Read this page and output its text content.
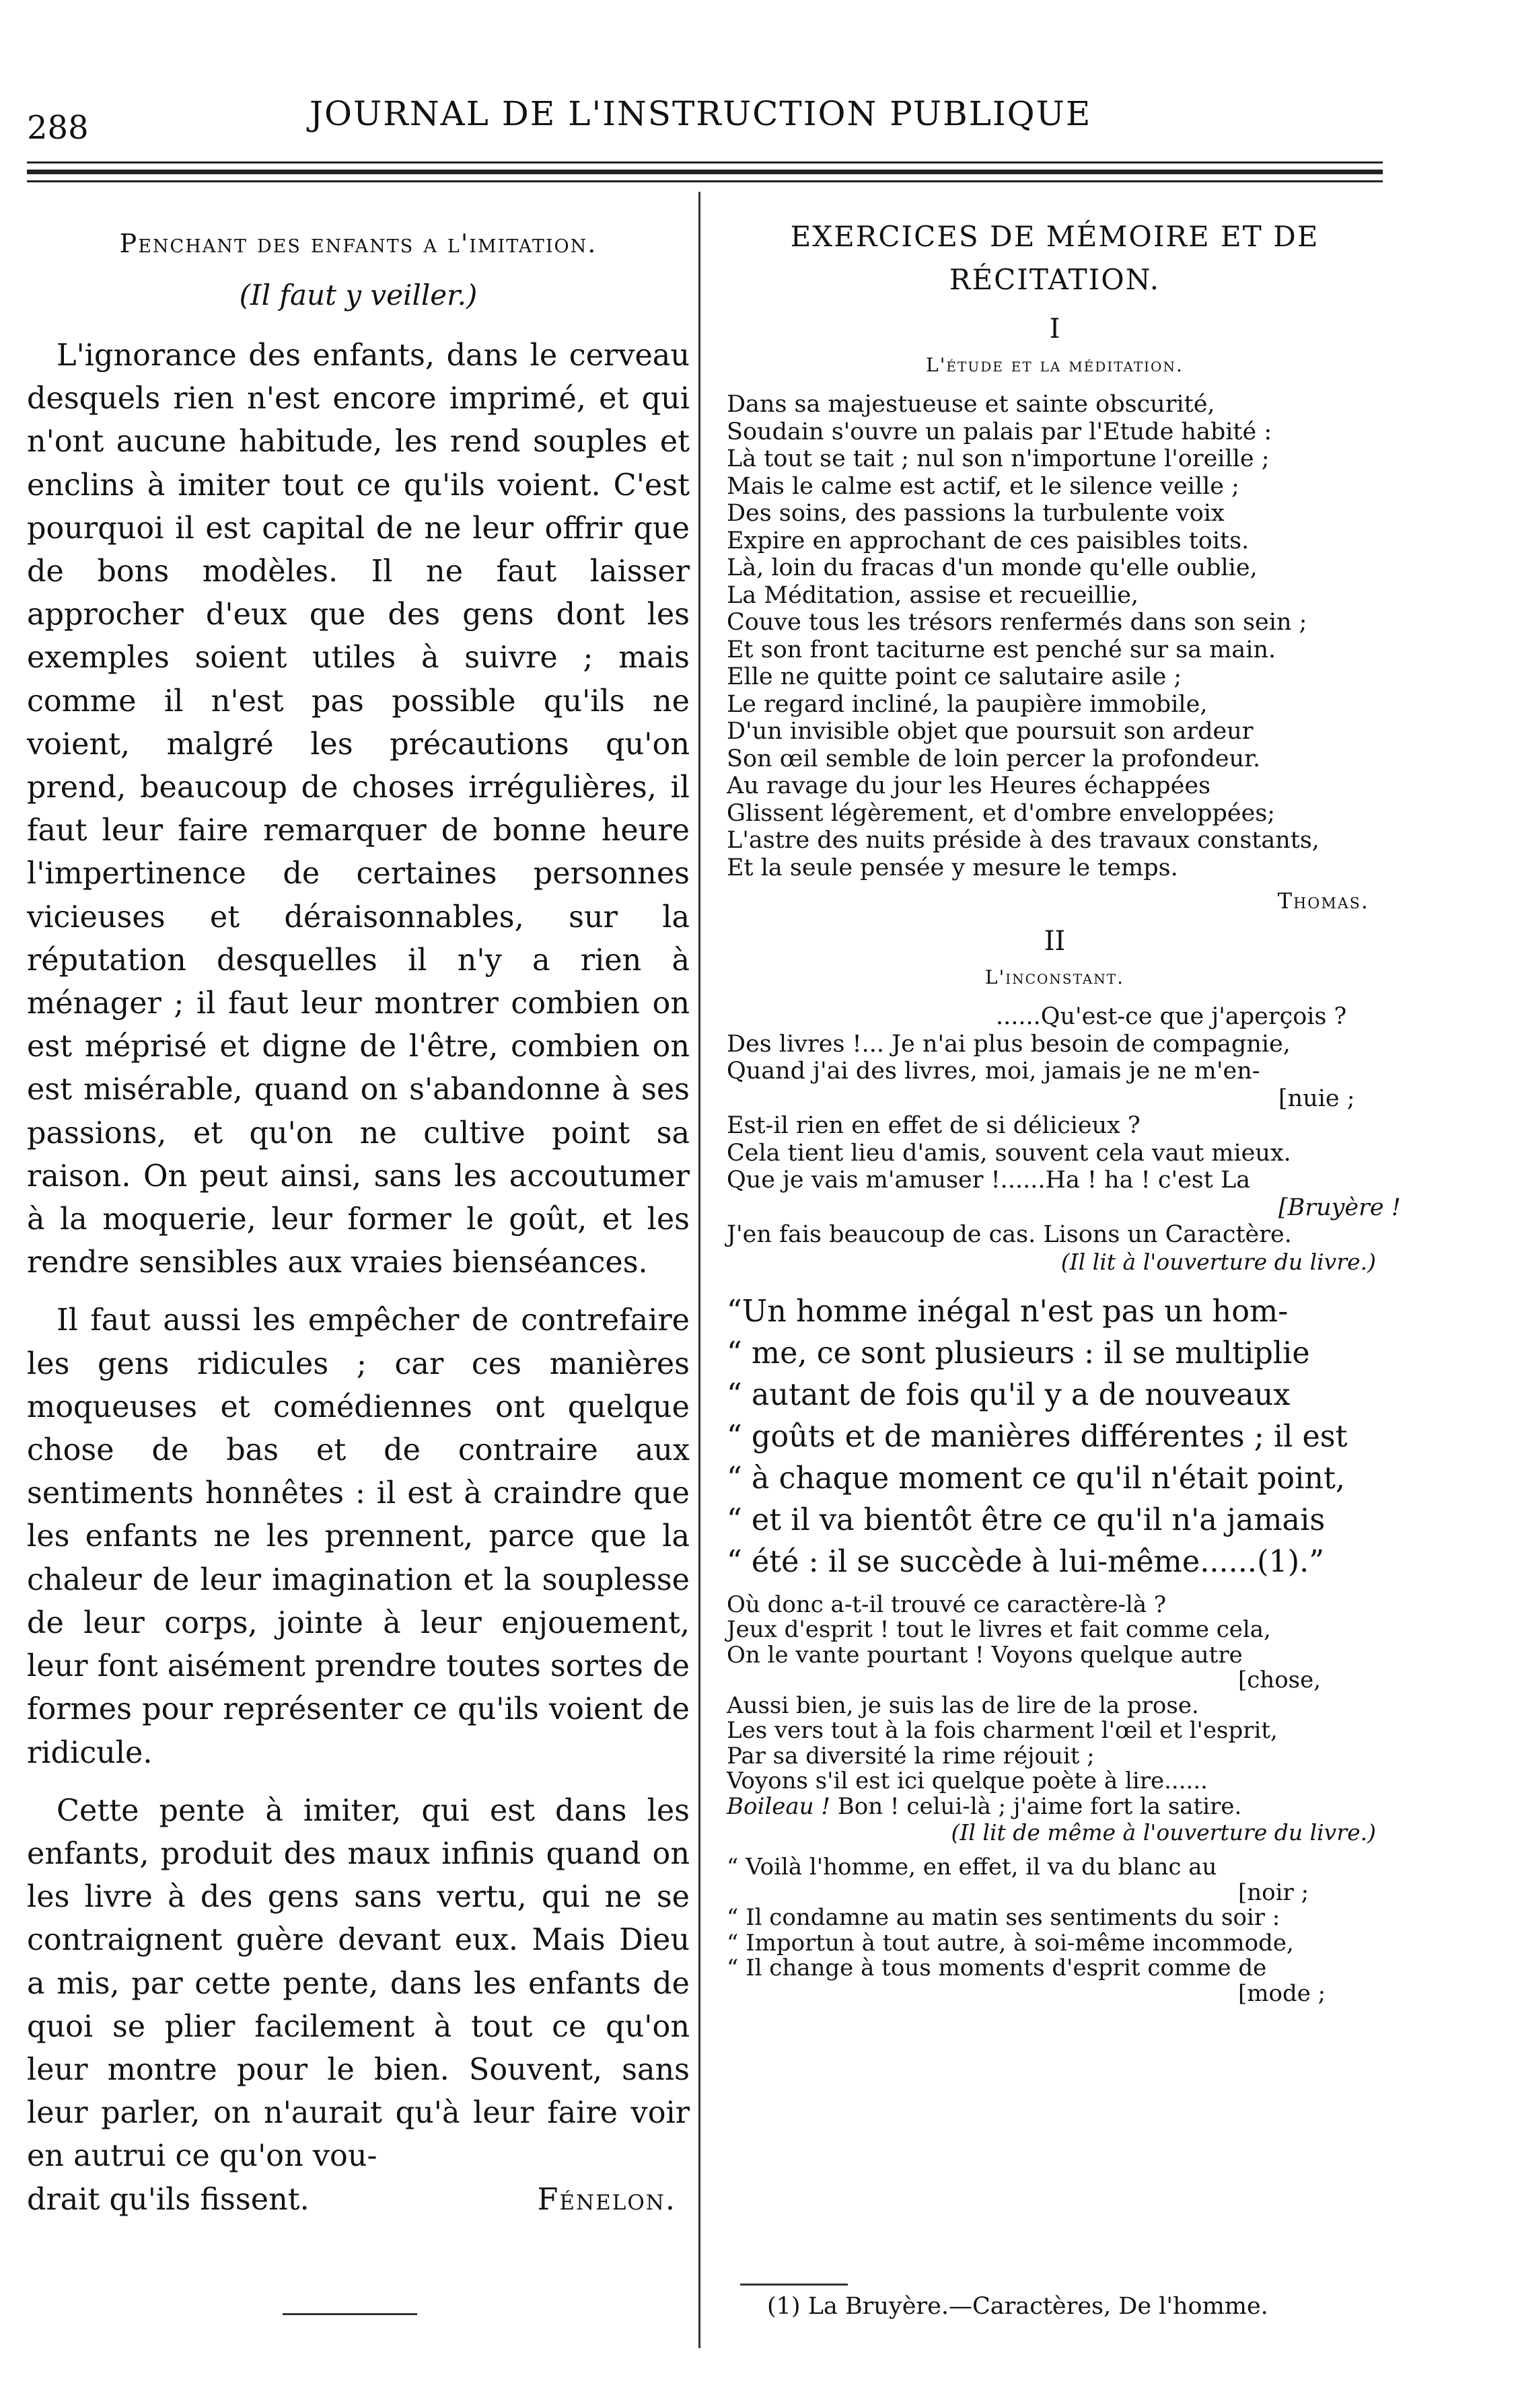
288	JOURNAL DE L'INSTRUCTION PUBLIQUE
Penchant des enfants a l'imitation.
(Il faut y veiller.)

L'ignorance des enfants, dans le cerveau desquels rien n'est encore imprimé, et qui n'ont aucune habitude, les rend souples et enclins à imiter tout ce qu'ils voient. C'est pourquoi il est capital de ne leur offrir que de bons modèles. Il ne faut laisser approcher d'eux que des gens dont les exemples soient utiles à suivre ; mais comme il n'est pas possible qu'ils ne voient, malgré les précautions qu'on prend, beaucoup de choses irrégulières, il faut leur faire remarquer de bonne heure l'impertinence de certaines personnes vicieuses et déraisonnables, sur la réputation desquelles il n'y a rien à ménager ; il faut leur montrer combien on est méprisé et digne de l'être, combien on est misérable, quand on s'abandonne à ses passions, et qu'on ne cultive point sa raison. On peut ainsi, sans les accoutumer à la moquerie, leur former le goût, et les rendre sensibles aux vraies bienséances.

Il faut aussi les empêcher de contrefaire les gens ridicules ; car ces manières moqueuses et comédiennes ont quelque chose de bas et de contraire aux sentiments honnêtes : il est à craindre que les enfants ne les prennent, parce que la chaleur de leur imagination et la souplesse de leur corps, jointe à leur enjouement, leur font aisément prendre toutes sortes de formes pour représenter ce qu'ils voient de ridicule.

Cette pente à imiter, qui est dans les enfants, produit des maux infinis quand on les livre à des gens sans vertu, qui ne se contraignent guère devant eux. Mais Dieu a mis, par cette pente, dans les enfants de quoi se plier facilement à tout ce qu'on leur montre pour le bien. Souvent, sans leur parler, on n'aurait qu'à leur faire voir en autrui ce qu'on vou-

drait qu'ils fissent.	Fénelon.
EXERCICES DE MÉMOIRE ET DE
RÉCITATION.
I
L'étude et la méditation.
Dans sa majestueuse et sainte obscurité,
Soudain s'ouvre un palais par l'Etude habité :
Là tout se tait ; nul son n'importune l'oreille ;
Mais le calme est actif, et le silence veille ;
Des soins, des passions la turbulente voix
Expire en approchant de ces paisibles toits.
Là, loin du fracas d'un monde qu'elle oublie,
La Méditation, assise et recueillie,
Couve tous les trésors renfermés dans son sein ;
Et son front taciturne est penché sur sa main.
Elle ne quitte point ce salutaire asile ;
Le regard incliné, la paupière immobile,
D'un invisible objet que poursuit son ardeur
Son œil semble de loin percer la profondeur.
Au ravage du jour les Heures échappées
Glissent légèrement, et d'ombre enveloppées;
L'astre des nuits préside à des travaux constants,
Et la seule pensée y mesure le temps.
Thomas.
II
L'inconstant.
......Qu'est-ce que j'aperçois ?
Des livres !... Je n'ai plus besoin de compagnie,
Quand j'ai des livres, moi, jamais je ne m'en-
[nuie ;
Est-il rien en effet de si délicieux ?
Cela tient lieu d'amis, souvent cela vaut mieux.
Que je vais m'amuser !......Ha ! ha ! c'est La
[Bruyère !
J'en fais beaucoup de cas. Lisons un Caractère.
(Il lit à l'ouverture du livre.)
“Un homme inégal n'est pas un hom-
“ me, ce sont plusieurs : il se multiplie
“ autant de fois qu'il y a de nouveaux
“ goûts et de manières différentes ; il est
“ à chaque moment ce qu'il n'était point,
“ et il va bientôt être ce qu'il n'a jamais
“ été : il se succède à lui-même......(1).”
Où donc a-t-il trouvé ce caractère-là ?
Jeux d'esprit ! tout le livres et fait comme cela,
On le vante pourtant ! Voyons quelque autre
[chose,
Aussi bien, je suis las de lire de la prose.
Les vers tout à la fois charment l'œil et l'esprit,
Par sa diversité la rime réjouit ;
Voyons s'il est ici quelque poète à lire......
Boileau ! Bon ! celui-là ; j'aime fort la satire.
(Il lit de même à l'ouverture du livre.)
“ Voilà l'homme, en effet, il va du blanc au
[noir ;
“ Il condamne au matin ses sentiments du soir :
“ Importun à tout autre, à soi-même incommode,
“ Il change à tous moments d'esprit comme de
[mode ;
(1) La Bruyère.—Caractères, De l'homme.
